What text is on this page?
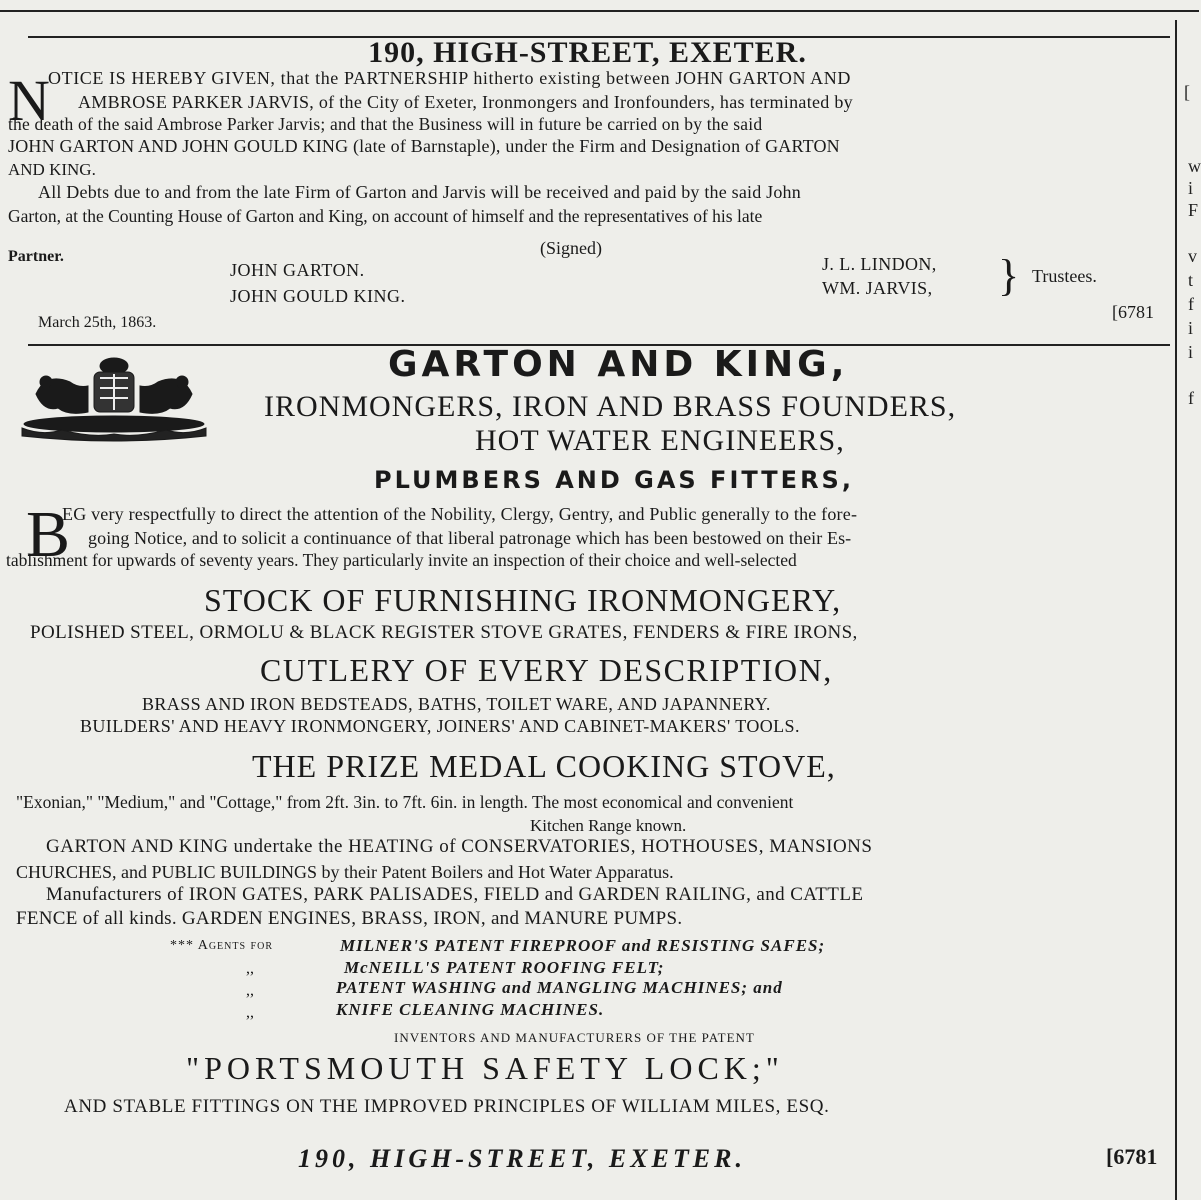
[
w
i
F
v
t
f
i
i
f
190, HIGH-STREET, EXETER.
N
OTICE IS HEREBY GIVEN, that the PARTNERSHIP hitherto existing between JOHN GARTON AND
AMBROSE PARKER JARVIS, of the City of Exeter, Ironmongers and Ironfounders, has terminated by
the death of the said Ambrose Parker Jarvis; and that the Business will in future be carried on by the said
JOHN GARTON AND JOHN GOULD KING (late of Barnstaple), under the Firm and Designation of GARTON
AND KING.
All Debts due to and from the late Firm of Garton and Jarvis will be received and paid by the said John
Garton, at the Counting House of Garton and King, on account of himself and the representatives of his late
Partner.	(Signed)
JOHN GARTON.
JOHN GOULD KING.
J. L. LINDON,
WM. JARVIS, } Trustees.
March 25th, 1863.
[6781
GARTON AND KING,
IRONMONGERS, IRON AND BRASS FOUNDERS,
HOT WATER ENGINEERS,
PLUMBERS AND GAS FITTERS,
B
EG very respectfully to direct the attention of the Nobility, Clergy, Gentry, and Public generally to the fore-
going Notice, and to solicit a continuance of that liberal patronage which has been bestowed on their Es-
tablishment for upwards of seventy years. They particularly invite an inspection of their choice and well-selected
STOCK OF FURNISHING IRONMONGERY,
POLISHED STEEL, ORMOLU & BLACK REGISTER STOVE GRATES, FENDERS & FIRE IRONS,
CUTLERY OF EVERY DESCRIPTION,
BRASS AND IRON BEDSTEADS, BATHS, TOILET WARE, AND JAPANNERY.
BUILDERS' AND HEAVY IRONMONGERY, JOINERS' AND CABINET-MAKERS' TOOLS.
THE PRIZE MEDAL COOKING STOVE,
"Exonian," "Medium," and "Cottage," from 2ft. 3in. to 7ft. 6in. in length. The most economical and convenient
Kitchen Range known.
GARTON AND KING undertake the HEATING of CONSERVATORIES, HOTHOUSES, MANSIONS
CHURCHES, and PUBLIC BUILDINGS by their Patent Boilers and Hot Water Apparatus.
Manufacturers of IRON GATES, PARK PALISADES, FIELD and GARDEN RAILING, and CATTLE
FENCE of all kinds. GARDEN ENGINES, BRASS, IRON, and MANURE PUMPS.
*** Agents for	MILNER'S PATENT FIREPROOF and RESISTING SAFES;
,,	McNEILL'S PATENT ROOFING FELT;
,,	PATENT WASHING and MANGLING MACHINES; and
,,	KNIFE CLEANING MACHINES.
INVENTORS AND MANUFACTURERS OF THE PATENT
"PORTSMOUTH SAFETY LOCK;"
AND STABLE FITTINGS ON THE IMPROVED PRINCIPLES OF WILLIAM MILES, ESQ.
190, HIGH-STREET, EXETER.	[6781
